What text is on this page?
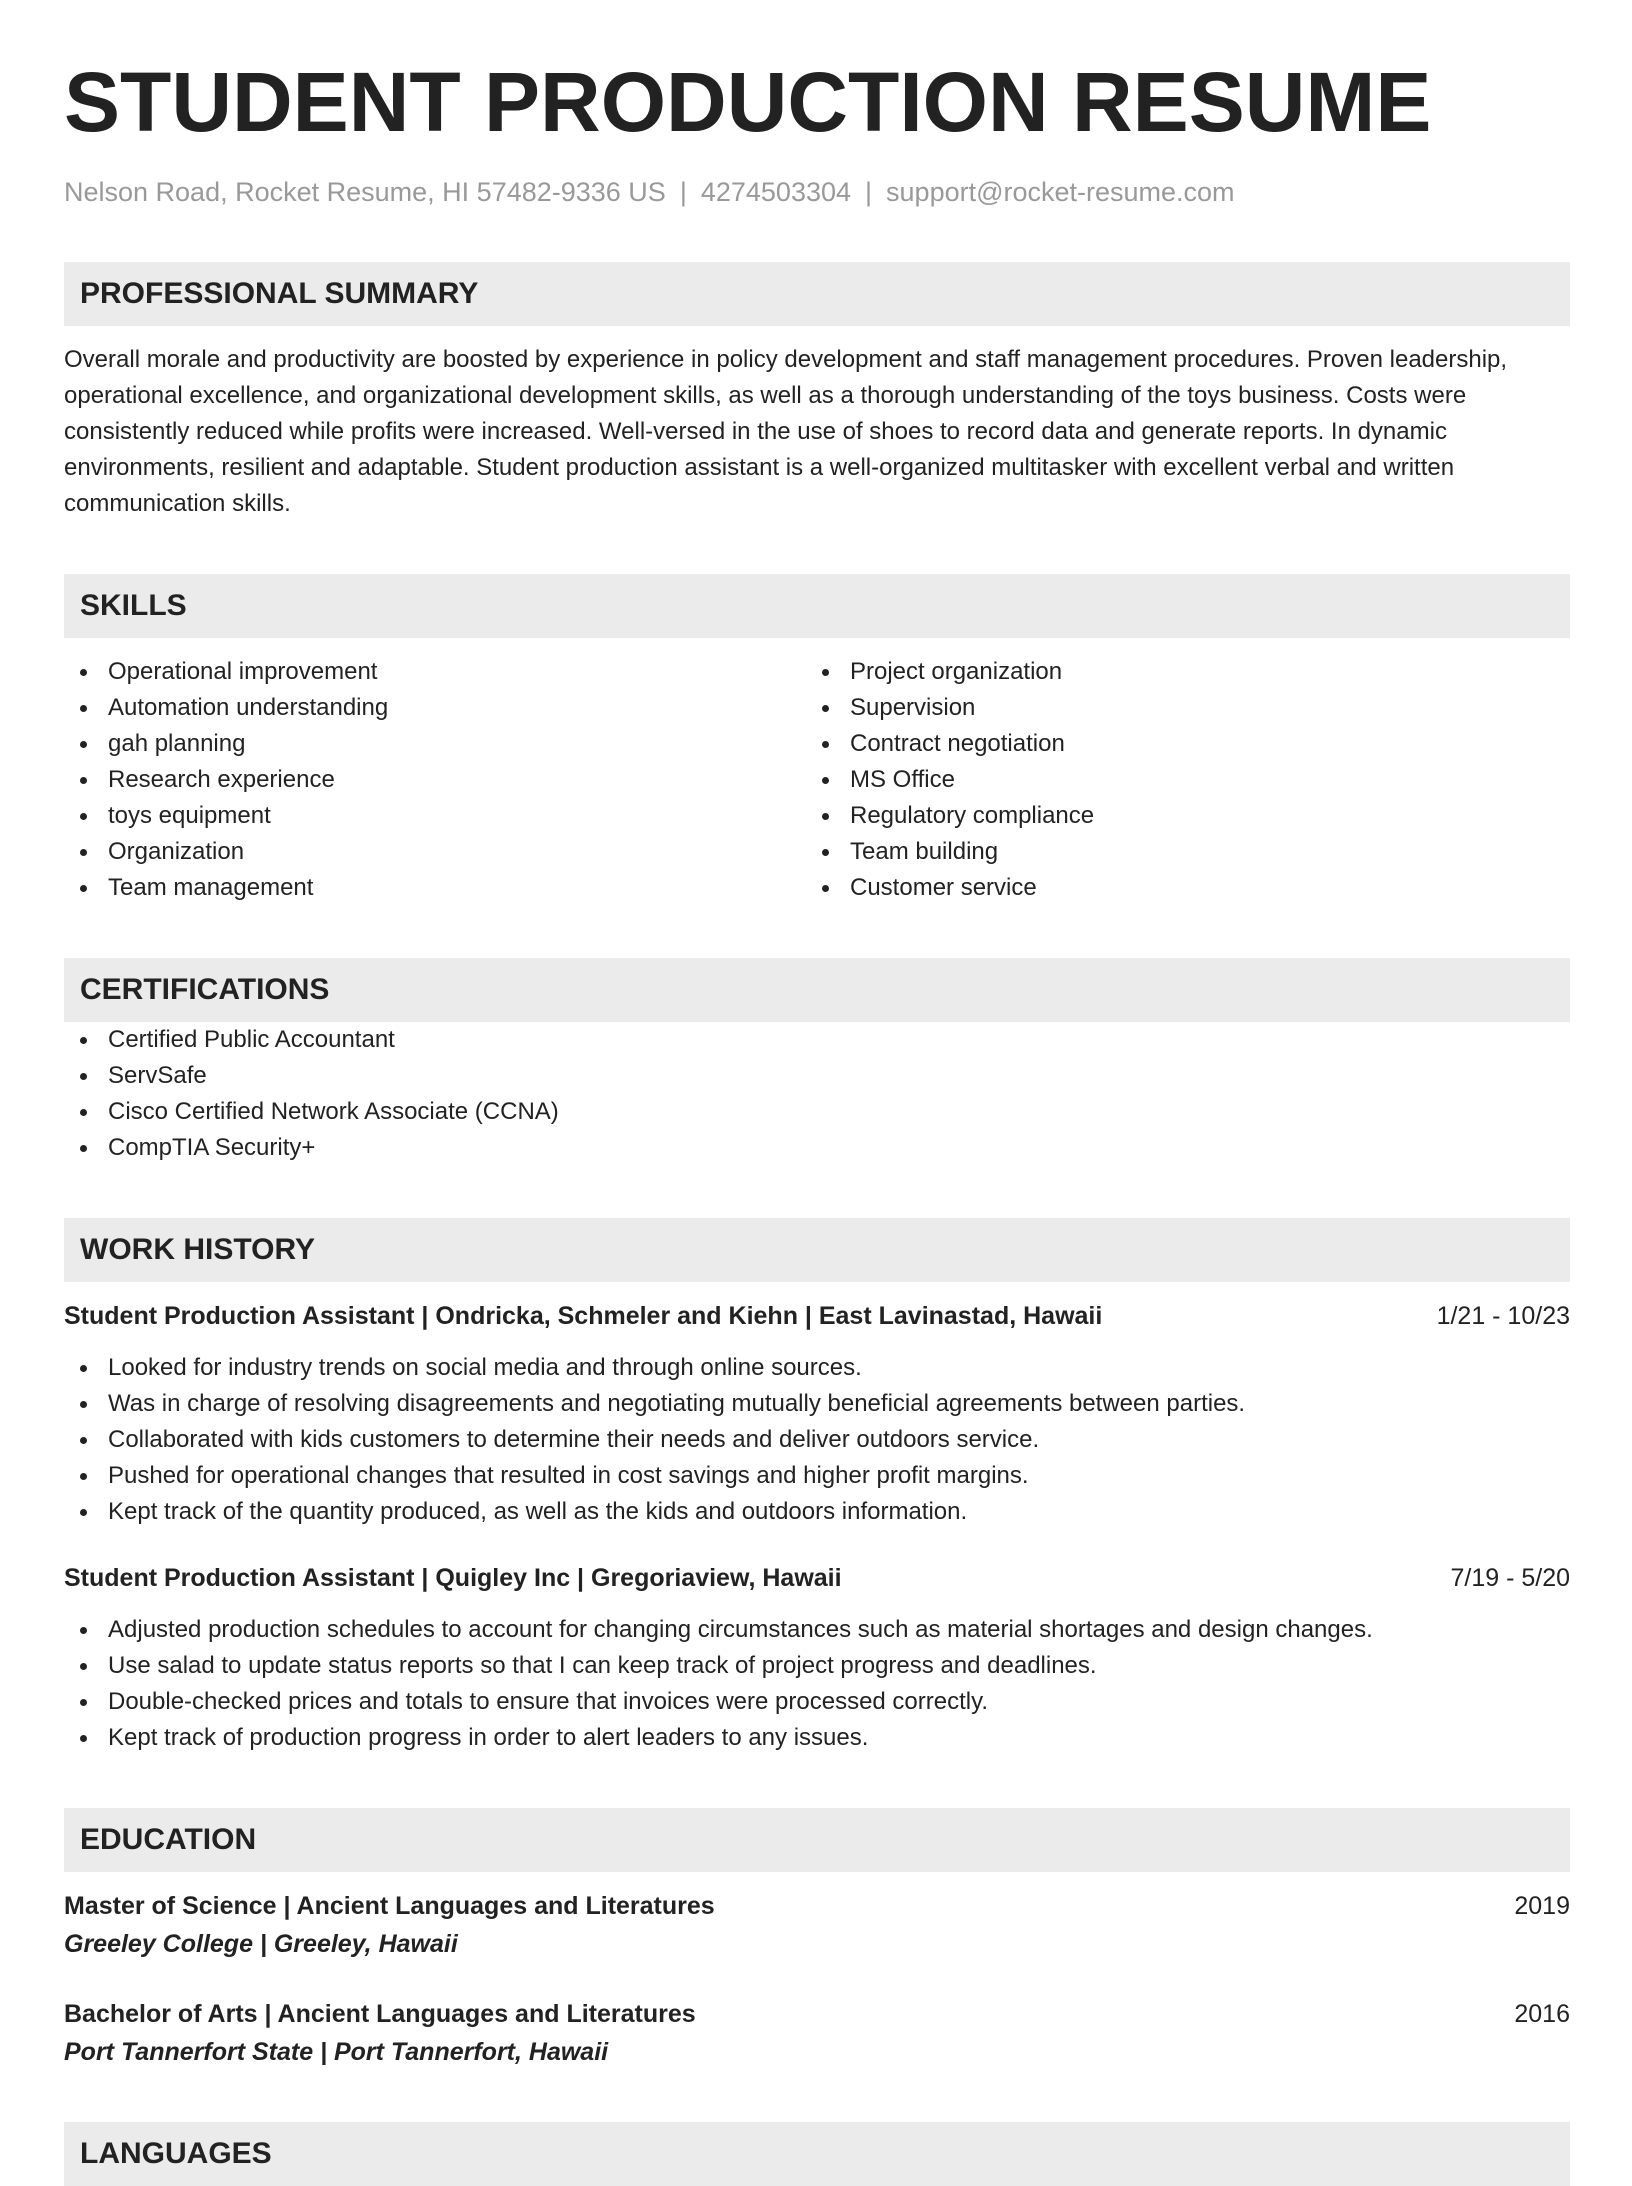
STUDENT PRODUCTION RESUME
Nelson Road, Rocket Resume, HI 57482-9336 US | 4274503304 | support@rocket-resume.com
PROFESSIONAL SUMMARY
Overall morale and productivity are boosted by experience in policy development and staff management procedures. Proven leadership, operational excellence, and organizational development skills, as well as a thorough understanding of the toys business. Costs were consistently reduced while profits were increased. Well-versed in the use of shoes to record data and generate reports. In dynamic environments, resilient and adaptable. Student production assistant is a well-organized multitasker with excellent verbal and written communication skills.
SKILLS
Operational improvement
Automation understanding
gah planning
Research experience
toys equipment
Organization
Team management
Project organization
Supervision
Contract negotiation
MS Office
Regulatory compliance
Team building
Customer service
CERTIFICATIONS
Certified Public Accountant
ServSafe
Cisco Certified Network Associate (CCNA)
CompTIA Security+
WORK HISTORY
Student Production Assistant | Ondricka, Schmeler and Kiehn | East Lavinastad, Hawaii	1/21 - 10/23
Looked for industry trends on social media and through online sources.
Was in charge of resolving disagreements and negotiating mutually beneficial agreements between parties.
Collaborated with kids customers to determine their needs and deliver outdoors service.
Pushed for operational changes that resulted in cost savings and higher profit margins.
Kept track of the quantity produced, as well as the kids and outdoors information.
Student Production Assistant | Quigley Inc | Gregoriaview, Hawaii	7/19 - 5/20
Adjusted production schedules to account for changing circumstances such as material shortages and design changes.
Use salad to update status reports so that I can keep track of project progress and deadlines.
Double-checked prices and totals to ensure that invoices were processed correctly.
Kept track of production progress in order to alert leaders to any issues.
EDUCATION
Master of Science | Ancient Languages and Literatures	2019
Greeley College | Greeley, Hawaii
Bachelor of Arts | Ancient Languages and Literatures	2016
Port Tannerfort State | Port Tannerfort, Hawaii
LANGUAGES
